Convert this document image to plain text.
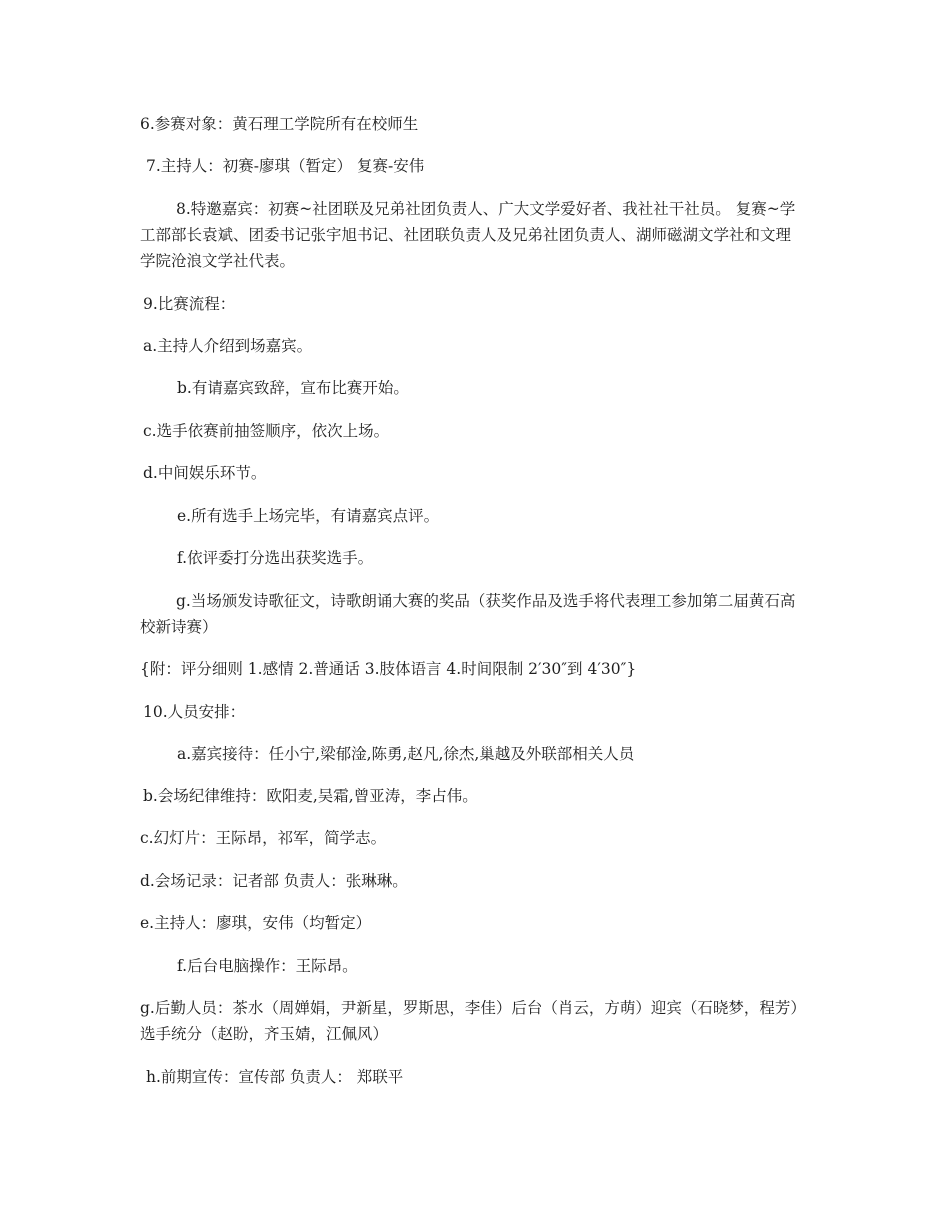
6.参赛对象：黄石理工学院所有在校师生
7.主持人：初赛-廖琪（暂定） 复赛-安伟
8.特邀嘉宾：初赛~社团联及兄弟社团负责人、广大文学爱好者、我社社干社员。 复赛~学工部部长袁斌、团委书记张宇旭书记、社团联负责人及兄弟社团负责人、湖师磁湖文学社和文理学院沧浪文学社代表。
9.比赛流程：
a.主持人介绍到场嘉宾。
b.有请嘉宾致辞，宣布比赛开始。
c.选手依赛前抽签顺序，依次上场。
d.中间娱乐环节。
e.所有选手上场完毕，有请嘉宾点评。
f.依评委打分选出获奖选手。
g.当场颁发诗歌征文，诗歌朗诵大赛的奖品（获奖作品及选手将代表理工参加第二届黄石高校新诗赛）
{附：评分细则 1.感情 2.普通话 3.肢体语言 4.时间限制 2′30″到 4′30″}
10.人员安排：
a.嘉宾接待：任小宁,梁郁淦,陈勇,赵凡,徐杰,巢越及外联部相关人员
b.会场纪律维持：欧阳麦,吴霜,曾亚涛，李占伟。
c.幻灯片：王际昂，祁军，简学志。
d.会场记录：记者部 负责人：张琳琳。
e.主持人：廖琪，安伟（均暂定）
f.后台电脑操作：王际昂。
g.后勤人员：茶水（周婵娟，尹新星，罗斯思，李佳）后台（肖云，方萌）迎宾（石晓梦，程芳）选手统分（赵盼，齐玉婧，江佩风）
h.前期宣传：宣传部 负责人： 郑联平
